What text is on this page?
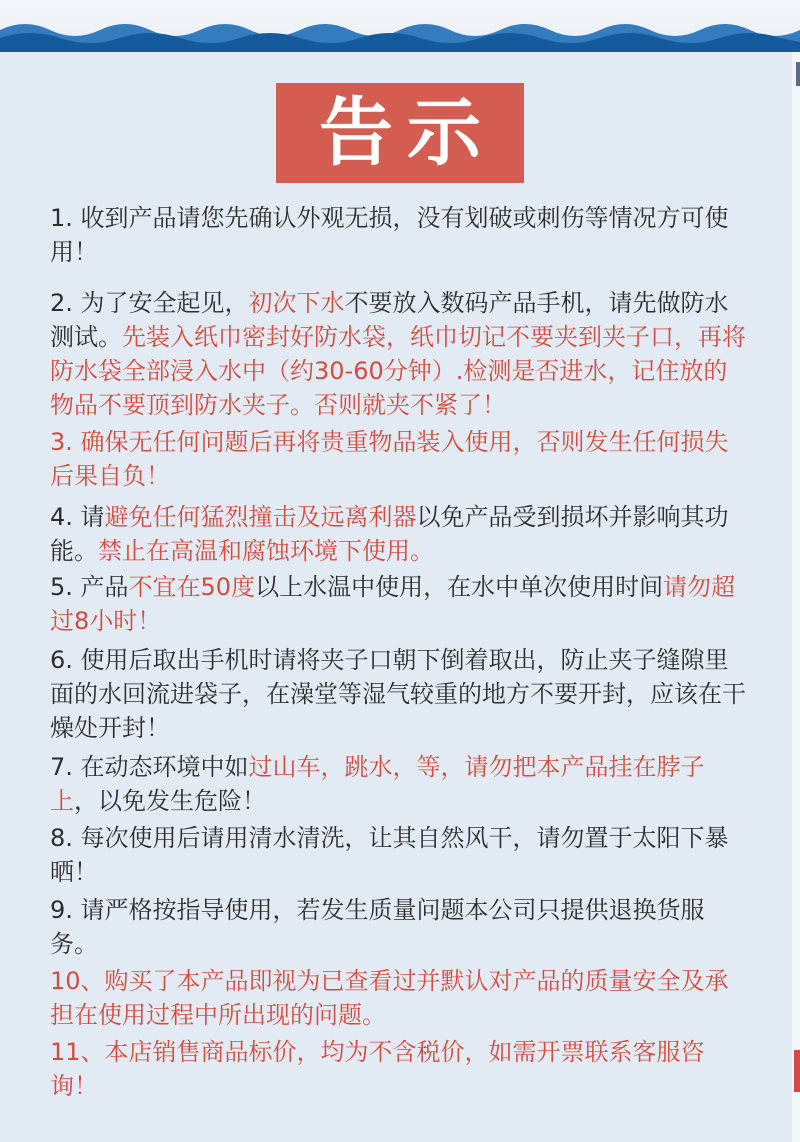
告示

1. 收到产品请您先确认外观无损，没有划破或刺伤等情况方可使用！

2. 为了安全起见，初次下水不要放入数码产品手机，请先做防水测试。先装入纸巾密封好防水袋，纸巾切记不要夹到夹子口，再将防水袋全部浸入水中（约30-60分钟）.检测是否进水，记住放的物品不要顶到防水夹子。否则就夹不紧了！

3. 确保无任何问题后再将贵重物品装入使用，否则发生任何损失后果自负！

4. 请避免任何猛烈撞击及远离利器以免产品受到损坏并影响其功能。禁止在高温和腐蚀环境下使用。

5. 产品不宜在50度以上水温中使用，在水中单次使用时间请勿超过8小时！

6. 使用后取出手机时请将夹子口朝下倒着取出，防止夹子缝隙里面的水回流进袋子，在澡堂等湿气较重的地方不要开封，应该在干燥处开封！

7. 在动态环境中如过山车，跳水，等，请勿把本产品挂在脖子上，以免发生危险！

8. 每次使用后请用清水清洗，让其自然风干，请勿置于太阳下暴晒！

9. 请严格按指导使用，若发生质量问题本公司只提供退换货服务。

10、购买了本产品即视为已查看过并默认对产品的质量安全及承担在使用过程中所出现的问题。

11、本店销售商品标价，均为不含税价，如需开票联系客服咨询！
